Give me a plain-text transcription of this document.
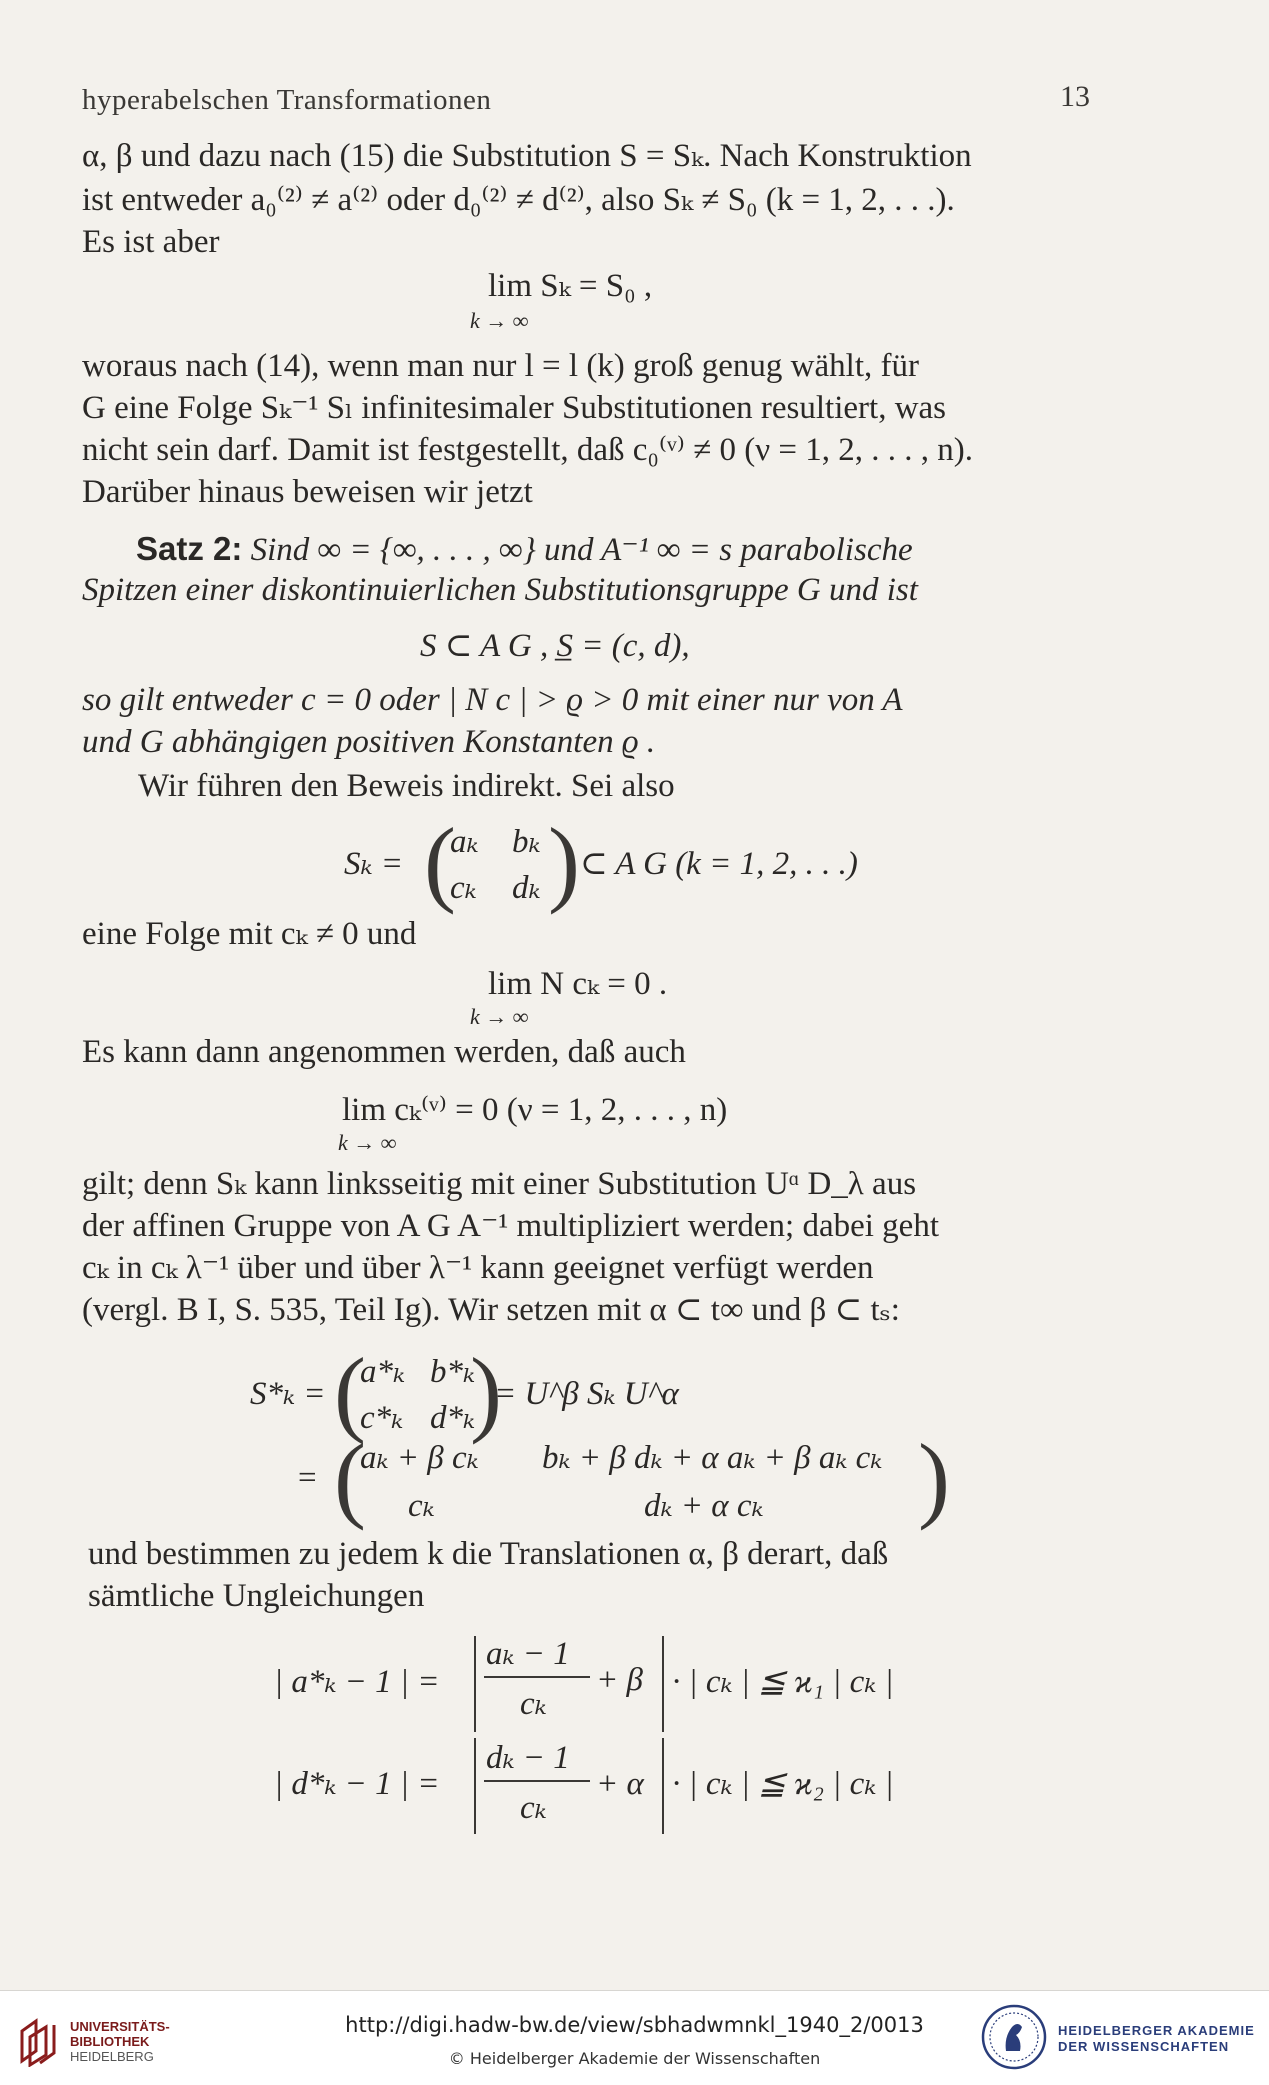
hyperabelschen Transformationen	13
α, β und dazu nach (15) die Substitution S = Sₖ. Nach Konstruktion
ist entweder a₀⁽²⁾ ≠ a⁽²⁾ oder d₀⁽²⁾ ≠ d⁽²⁾, also Sₖ ≠ S₀ (k = 1, 2, . . .).
Es ist aber
lim Sₖ = S₀ ,
k → ∞
woraus nach (14), wenn man nur l = l (k) groß genug wählt, für
G eine Folge Sₖ⁻¹ Sₗ infinitesimaler Substitutionen resultiert, was
nicht sein darf. Damit ist festgestellt, daß c₀⁽ᵛ⁾ ≠ 0 (ν = 1, 2, . . . , n).
Darüber hinaus beweisen wir jetzt
Satz 2: Sind ∞ = {∞, . . . , ∞} und A⁻¹ ∞ = s parabolische
Spitzen einer diskontinuierlichen Substitutionsgruppe G und ist
S ⊂ A G , S̲ = (c, d),
so gilt entweder c = 0 oder | N c | > ϱ > 0 mit einer nur von A
und G abhängigen positiven Konstanten ϱ .
Wir führen den Beweis indirekt. Sei also
Sₖ = (
aₖ bₖ
cₖ dₖ ) ⊂ A G (k = 1, 2, . . .)
eine Folge mit cₖ ≠ 0 und
lim N cₖ = 0 .
k → ∞
Es kann dann angenommen werden, daß auch
lim cₖ⁽ᵛ⁾ = 0 (ν = 1, 2, . . . , n)
k → ∞
gilt; denn Sₖ kann linksseitig mit einer Substitution Uᵅ D_λ aus
der affinen Gruppe von A G A⁻¹ multipliziert werden; dabei geht
cₖ in cₖ λ⁻¹ über und über λ⁻¹ kann geeignet verfügt werden
(vergl. B I, S. 535, Teil Ig). Wir setzen mit α ⊂ t∞ und β ⊂ tₛ:
S*ₖ = (
a*ₖ b*ₖ
c*ₖ d*ₖ
)
= U^β Sₖ U^α
= (
aₖ + β cₖ bₖ + β dₖ + α aₖ + β aₖ cₖ
cₖ	dₖ + α cₖ )
und bestimmen zu jedem k die Translationen α, β derart, daß
sämtliche Ungleichungen
| a*ₖ − 1 | =
aₖ − 1
cₖ
+ β · | cₖ | ≦ ϰ₁ | cₖ |
| d*ₖ − 1 | =
dₖ − 1
cₖ
+ α · | cₖ | ≦ ϰ₂ | cₖ |
UNIVERSITÄTS-
BIBLIOTHEK
HEIDELBERG
http://digi.hadw-bw.de/view/sbhadwmnkl_1940_2/0013
© Heidelberger Akademie der Wissenschaften
HEIDELBERGER AKADEMIE
DER WISSENSCHAFTEN
